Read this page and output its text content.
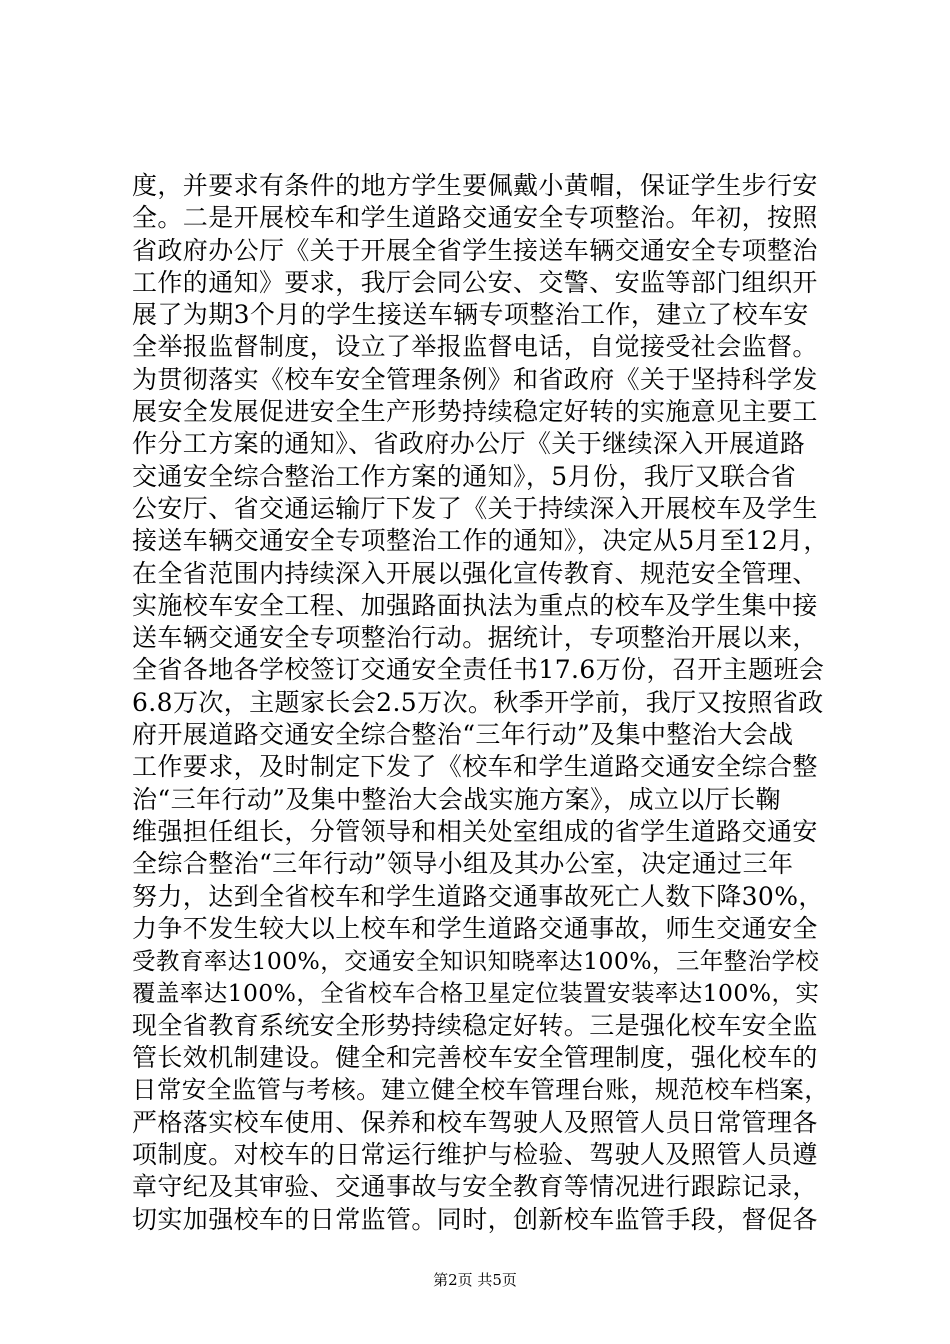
度，并要求有条件的地方学生要佩戴小黄帽，保证学生步行安
全。二是开展校车和学生道路交通安全专项整治。年初，按照
省政府办公厅《关于开展全省学生接送车辆交通安全专项整治
工作的通知》要求，我厅会同公安、交警、安监等部门组织开
展了为期3个月的学生接送车辆专项整治工作，建立了校车安
全举报监督制度，设立了举报监督电话，自觉接受社会监督。
为贯彻落实《校车安全管理条例》和省政府《关于坚持科学发
展安全发展促进安全生产形势持续稳定好转的实施意见主要工
作分工方案的通知》、省政府办公厅《关于继续深入开展道路
交通安全综合整治工作方案的通知》，5月份，我厅又联合省
公安厅、省交通运输厅下发了《关于持续深入开展校车及学生
接送车辆交通安全专项整治工作的通知》，决定从5月至12月，
在全省范围内持续深入开展以强化宣传教育、规范安全管理、
实施校车安全工程、加强路面执法为重点的校车及学生集中接
送车辆交通安全专项整治行动。据统计，专项整治开展以来，
全省各地各学校签订交通安全责任书17.6万份，召开主题班会
6.8万次，主题家长会2.5万次。秋季开学前，我厅又按照省政
府开展道路交通安全综合整治“三年行动”及集中整治大会战
工作要求，及时制定下发了《校车和学生道路交通安全综合整
治“三年行动”及集中整治大会战实施方案》，成立以厅长鞠
维强担任组长，分管领导和相关处室组成的省学生道路交通安
全综合整治“三年行动”领导小组及其办公室，决定通过三年
努力，达到全省校车和学生道路交通事故死亡人数下降30%，
力争不发生较大以上校车和学生道路交通事故，师生交通安全
受教育率达100%，交通安全知识知晓率达100%，三年整治学校
覆盖率达100%，全省校车合格卫星定位装置安装率达100%，实
现全省教育系统安全形势持续稳定好转。三是强化校车安全监
管长效机制建设。健全和完善校车安全管理制度，强化校车的
日常安全监管与考核。建立健全校车管理台账，规范校车档案，
严格落实校车使用、保养和校车驾驶人及照管人员日常管理各
项制度。对校车的日常运行维护与检验、驾驶人及照管人员遵
章守纪及其审验、交通事故与安全教育等情况进行跟踪记录，
切实加强校车的日常监管。同时，创新校车监管手段，督促各
第2页 共5页
